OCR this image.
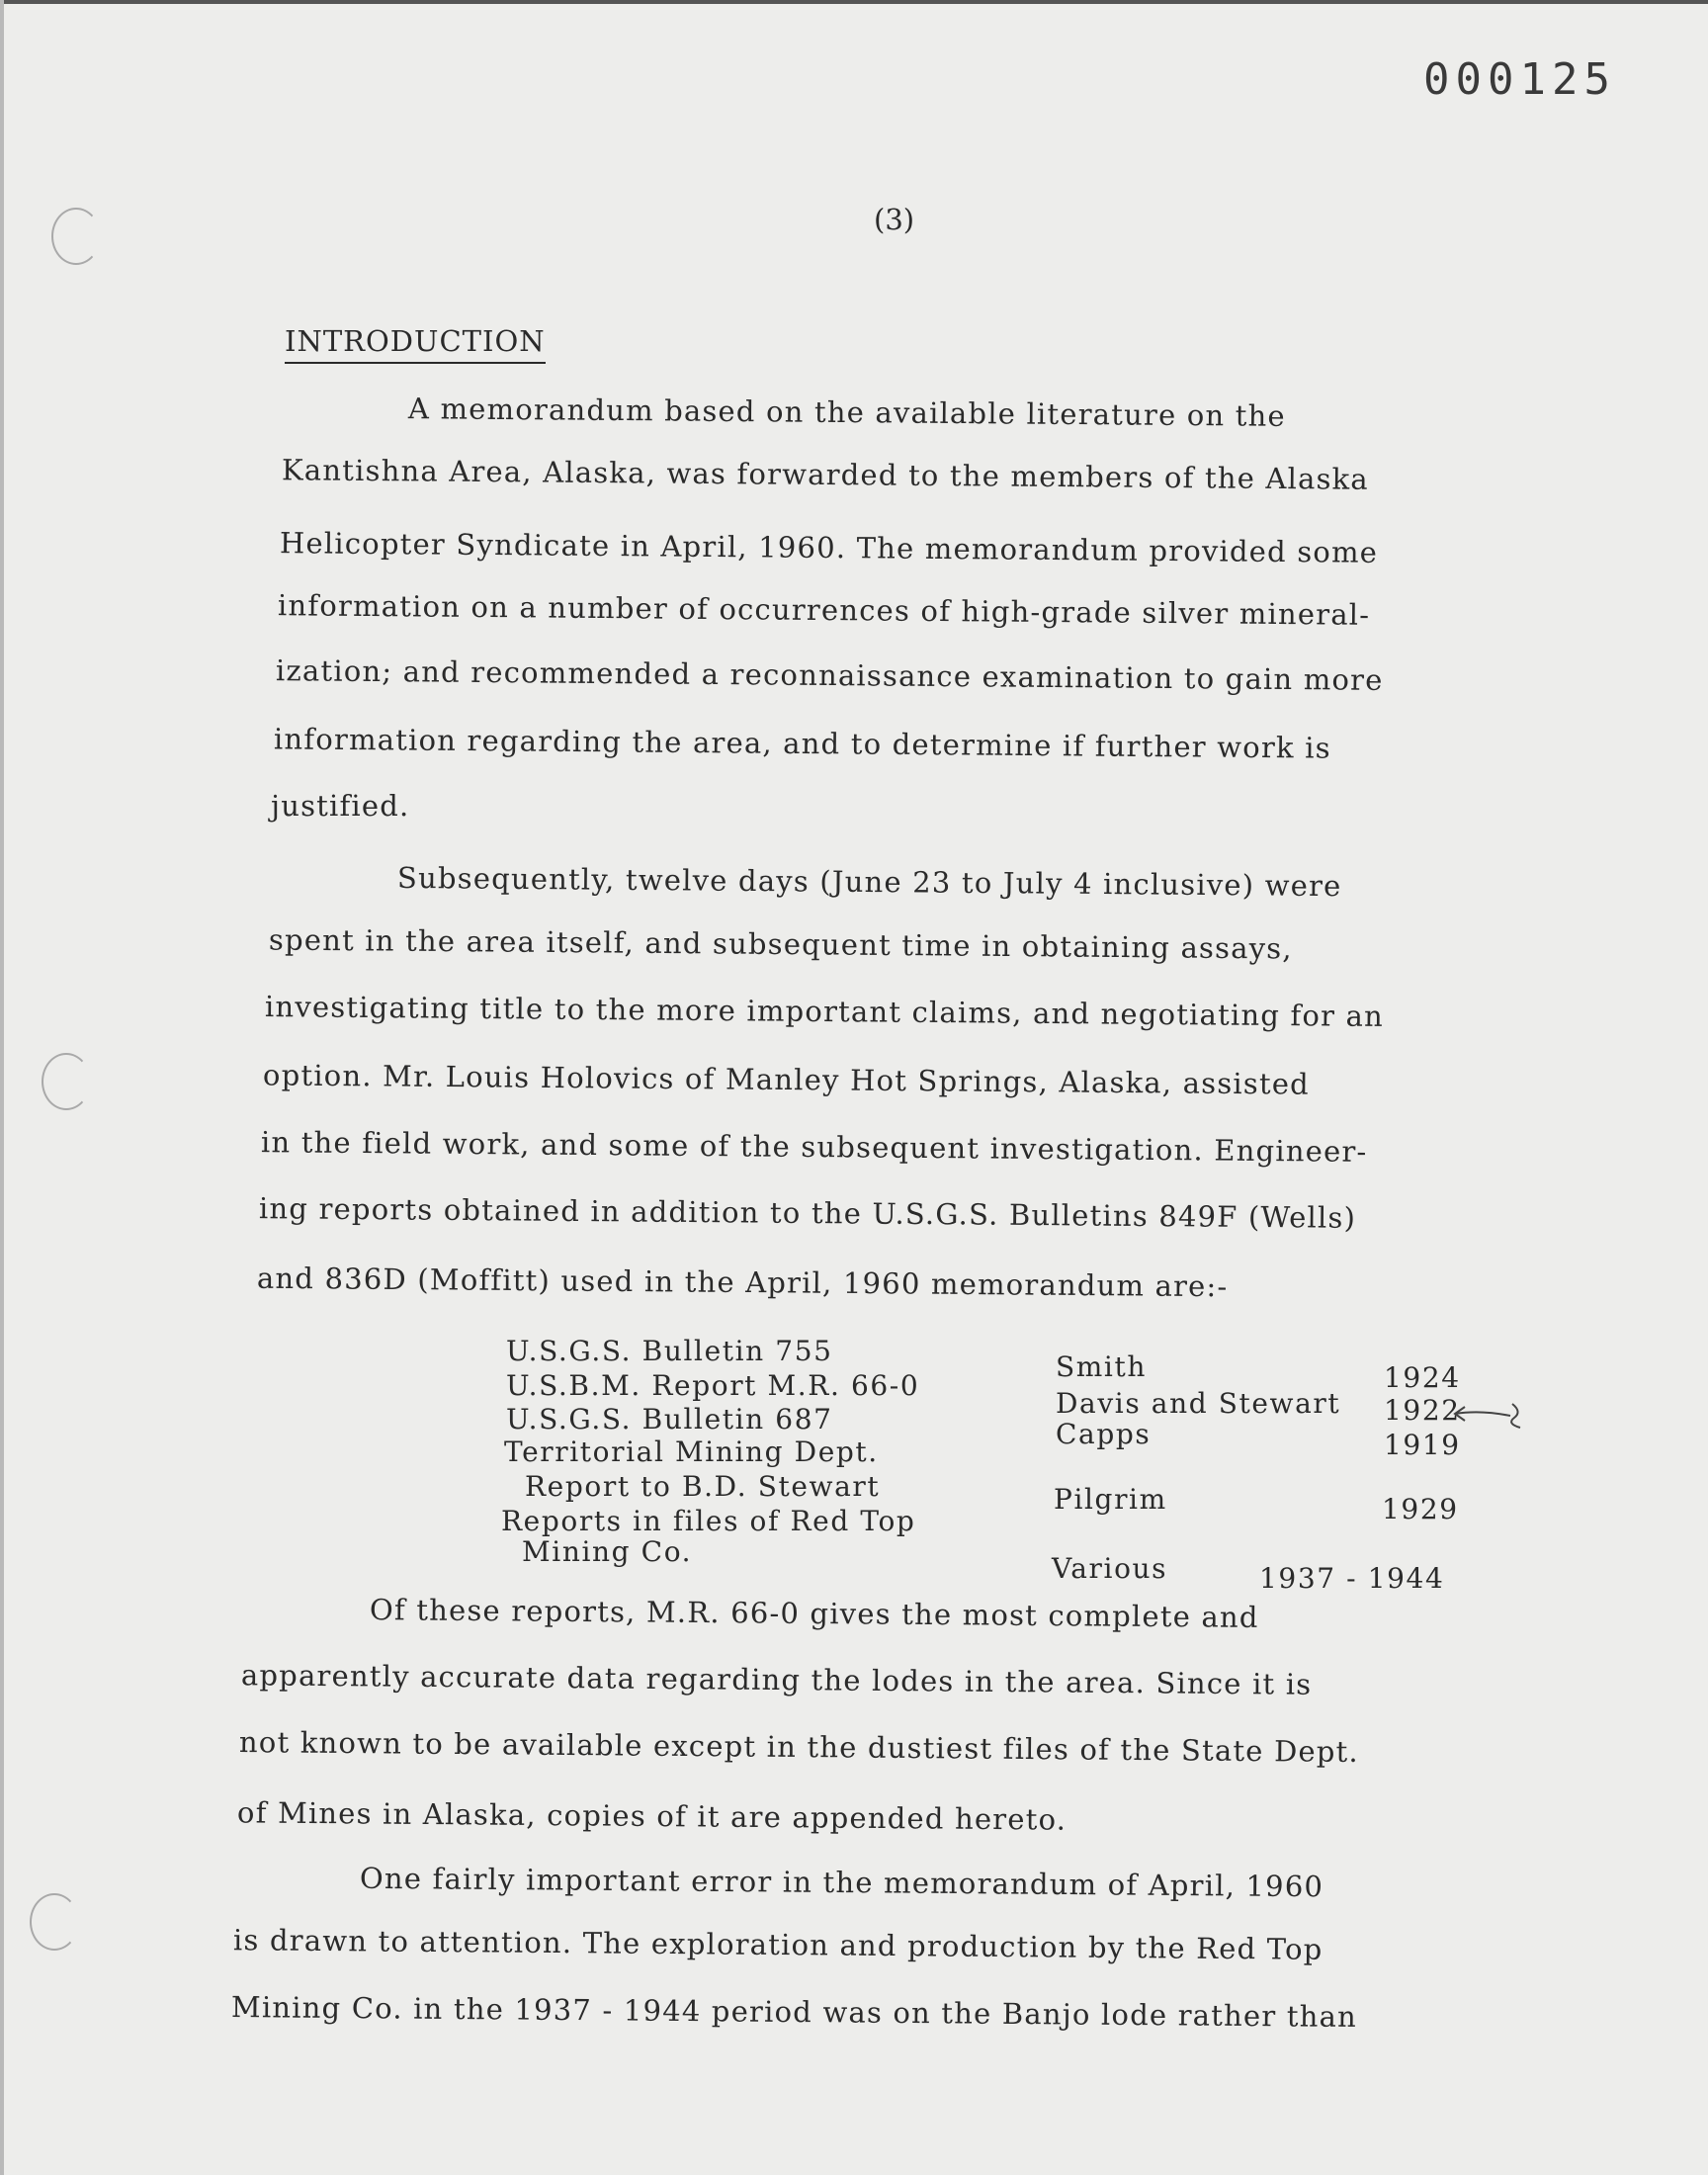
000125
(3)
INTRODUCTION
A memorandum based on the available literature on the
Kantishna Area, Alaska, was forwarded to the members of the Alaska
Helicopter Syndicate in April, 1960. The memorandum provided some
information on a number of occurrences of high-grade silver mineral-
ization; and recommended a reconnaissance examination to gain more
information regarding the area, and to determine if further work is
justified.
Subsequently, twelve days (June 23 to July 4 inclusive) were
spent in the area itself, and subsequent time in obtaining assays,
investigating title to the more important claims, and negotiating for an
option. Mr. Louis Holovics of Manley Hot Springs, Alaska, assisted
in the field work, and some of the subsequent investigation. Engineer-
ing reports obtained in addition to the U.S.G.S. Bulletins 849F (Wells)
and 836D (Moffitt) used in the April, 1960 memorandum are:-
U.S.G.S. Bulletin 755
U.S.B.M. Report M.R. 66-0
U.S.G.S. Bulletin 687
Territorial Mining Dept.
Report to B.D. Stewart
Reports in files of Red Top
Mining Co.
Smith
Davis and Stewart
Capps
Pilgrim
Various
1924
1922
1919
1929
1937 - 1944
Of these reports, M.R. 66-0 gives the most complete and
apparently accurate data regarding the lodes in the area. Since it is
not known to be available except in the dustiest files of the State Dept.
of Mines in Alaska, copies of it are appended hereto.
One fairly important error in the memorandum of April, 1960
is drawn to attention. The exploration and production by the Red Top
Mining Co. in the 1937 - 1944 period was on the Banjo lode rather than
